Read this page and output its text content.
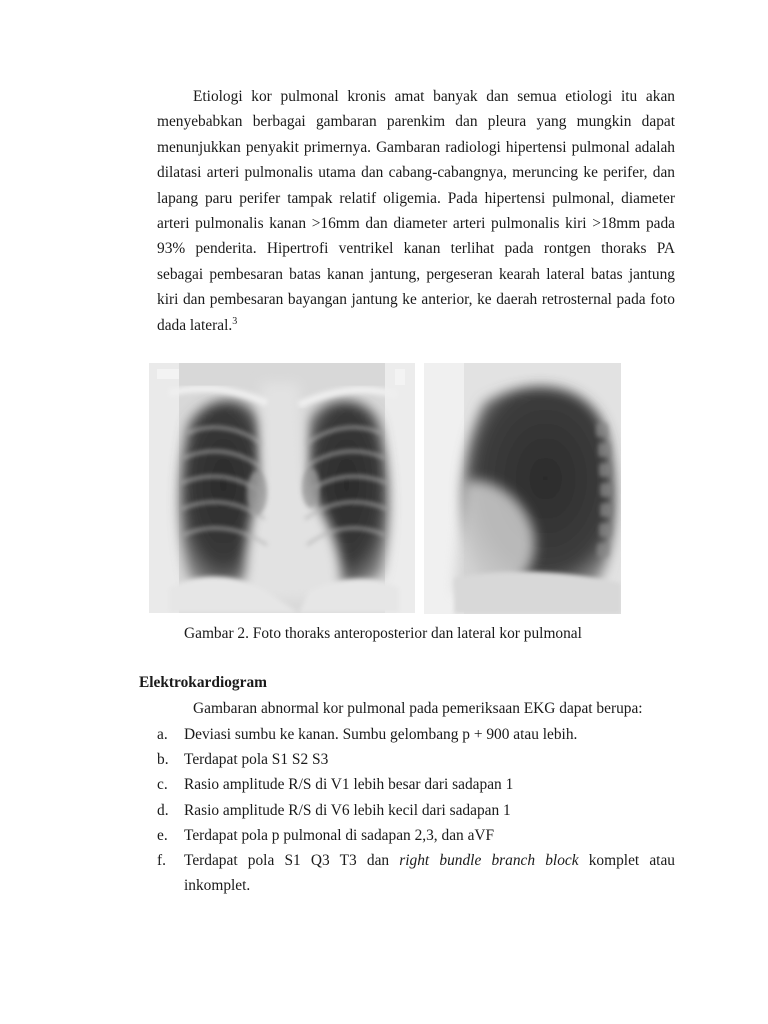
Etiologi kor pulmonal kronis amat banyak dan semua etiologi itu akan
menyebabkan berbagai gambaran parenkim dan pleura yang mungkin dapat
menunjukkan penyakit primernya. Gambaran radiologi hipertensi pulmonal adalah
dilatasi arteri pulmonalis utama dan cabang-cabangnya, meruncing ke perifer, dan
lapang paru perifer tampak relatif oligemia. Pada hipertensi pulmonal, diameter
arteri pulmonalis kanan >16mm dan diameter arteri pulmonalis kiri >18mm pada
93% penderita. Hipertrofi ventrikel kanan terlihat pada rontgen thoraks PA
sebagai pembesaran batas kanan jantung, pergeseran kearah lateral batas jantung
kiri dan pembesaran bayangan jantung ke anterior, ke daerah retrosternal pada foto
dada lateral.$^3$

Gambar 2. Foto thoraks anteroposterior dan lateral kor pulmonal

Elektrokardiogram

Gambaran abnormal kor pulmonal pada pemeriksaan EKG dapat berupa:

a. Deviasi sumbu ke kanan. Sumbu gelombang p + 900 atau lebih.
b. Terdapat pola S1 S2 S3
c. Rasio amplitude R/S di V1 lebih besar dari sadapan 1
d. Rasio amplitude R/S di V6 lebih kecil dari sadapan 1
e. Terdapat pola p pulmonal di sadapan 2,3, dan aVF
f. Terdapat pola S1 Q3 T3 dan right bundle branch block komplet atau
inkomplet.
